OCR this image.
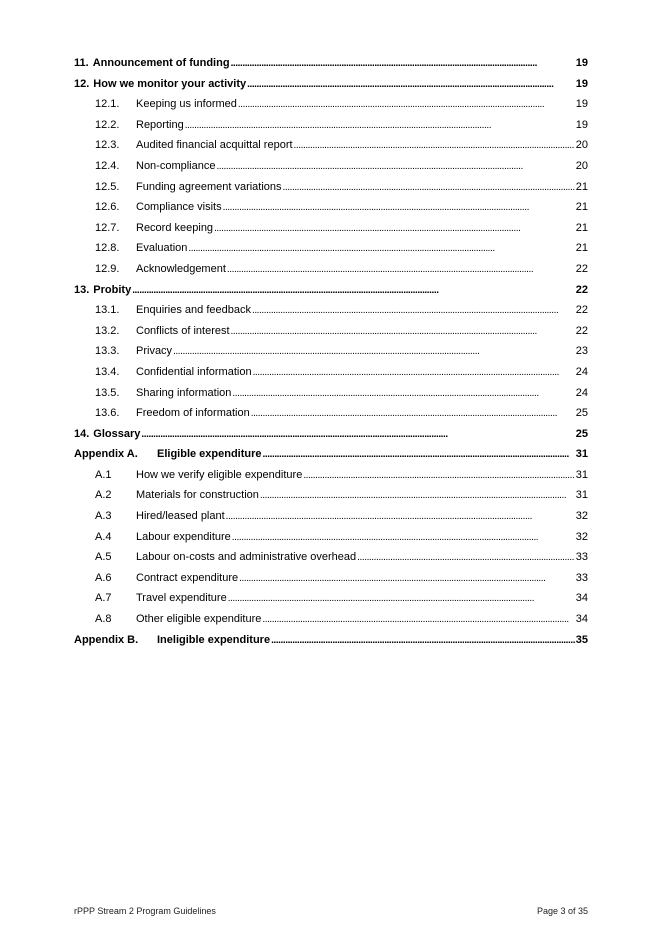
11. Announcement of funding . . .	19
12. How we monitor your activity . . .	19
12.1.	Keeping us informed . . .	19
12.2.	Reporting . . .	19
12.3.	Audited financial acquittal report . . .	20
12.4.	Non-compliance . . .	20
12.5.	Funding agreement variations . . .	21
12.6.	Compliance visits . . .	21
12.7.	Record keeping . . .	21
12.8.	Evaluation . . .	21
12.9.	Acknowledgement . . .	22
13. Probity . . .	22
13.1.	Enquiries and feedback . . .	22
13.2.	Conflicts of interest . . .	22
13.3.	Privacy . . .	23
13.4.	Confidential information . . .	24
13.5.	Sharing information . . .	24
13.6.	Freedom of information . . .	25
14. Glossary . . .	25
Appendix A.	Eligible expenditure . . .	31
A.1	How we verify eligible expenditure . . .	31
A.2	Materials for construction . . .	31
A.3	Hired/leased plant . . .	32
A.4	Labour expenditure . . .	32
A.5	Labour on-costs and administrative overhead . . .	33
A.6	Contract expenditure . . .	33
A.7	Travel expenditure . . .	34
A.8	Other eligible expenditure . . .	34
Appendix B.	Ineligible expenditure . . .	35
rPPP Stream 2 Program Guidelines	Page 3 of 35
